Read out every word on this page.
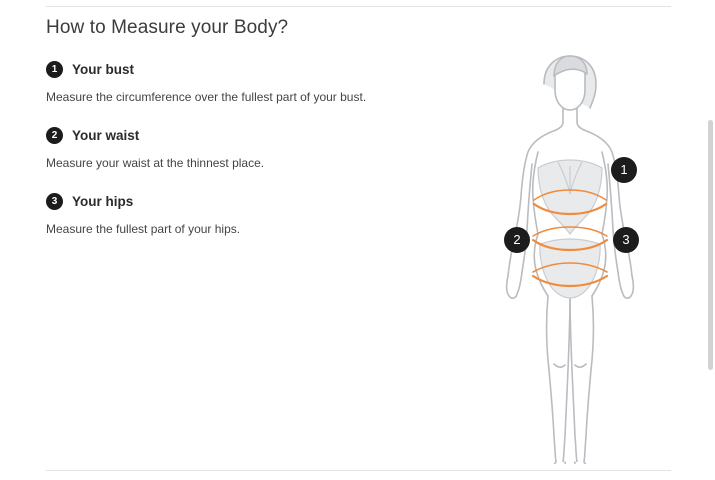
How to Measure your Body?
1	Your bust
Measure the circumference over the fullest part of your bust.
2	Your waist
Measure your waist at the thinnest place.
3	Your hips
Measure the fullest part of your hips.
1
2	3
